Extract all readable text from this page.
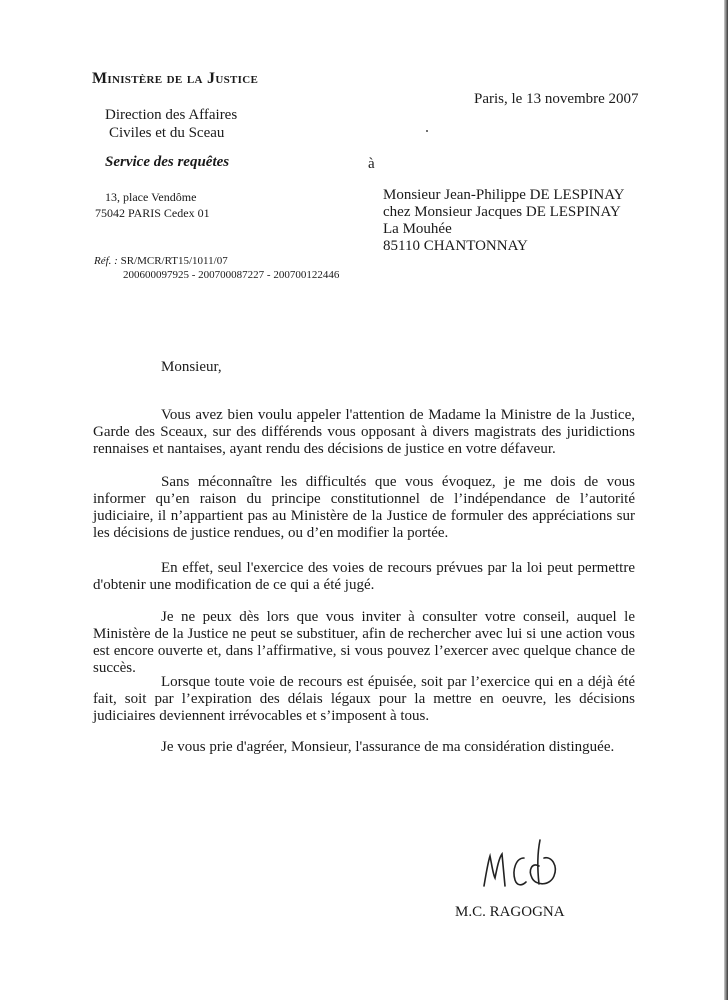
Ministère de la Justice
Direction des Affaires
Civiles et du Sceau
Service des requêtes
13, place Vendôme
75042 PARIS Cedex 01
Réf. : SR/MCR/RT15/1011/07
200600097925 - 200700087227 - 200700122446
Paris, le 13 novembre 2007
à
Monsieur Jean-Philippe DE LESPINAY
chez Monsieur Jacques DE LESPINAY
La Mouhée
85110 CHANTONNAY
Monsieur,

Vous avez bien voulu appeler l'attention de Madame la Ministre de la Justice, Garde des Sceaux, sur des différends vous opposant à divers magistrats des juridictions rennaises et nantaises, ayant rendu des décisions de justice en votre défaveur.

Sans méconnaître les difficultés que vous évoquez, je me dois de vous informer qu’en raison du principe constitutionnel de l’indépendance de l’autorité judiciaire, il n’appartient pas au Ministère de la Justice de formuler des appréciations sur les décisions de justice rendues, ou d’en modifier la portée.

En effet, seul l'exercice des voies de recours prévues par la loi peut permettre d'obtenir une modification de ce qui a été jugé.

Je ne peux dès lors que vous inviter à consulter votre conseil, auquel le Ministère de la Justice ne peut se substituer, afin de rechercher avec lui si une action vous est encore ouverte et, dans l’affirmative, si vous pouvez l’exercer avec quelque chance de succès.

Lorsque toute voie de recours est épuisée, soit par l’exercice qui en a déjà été fait, soit par l’expiration des délais légaux pour la mettre en oeuvre, les décisions judiciaires deviennent irrévocables et s’imposent à tous.

Je vous prie d'agréer, Monsieur, l'assurance de ma considération distinguée.

M.C. RAGOGNA
